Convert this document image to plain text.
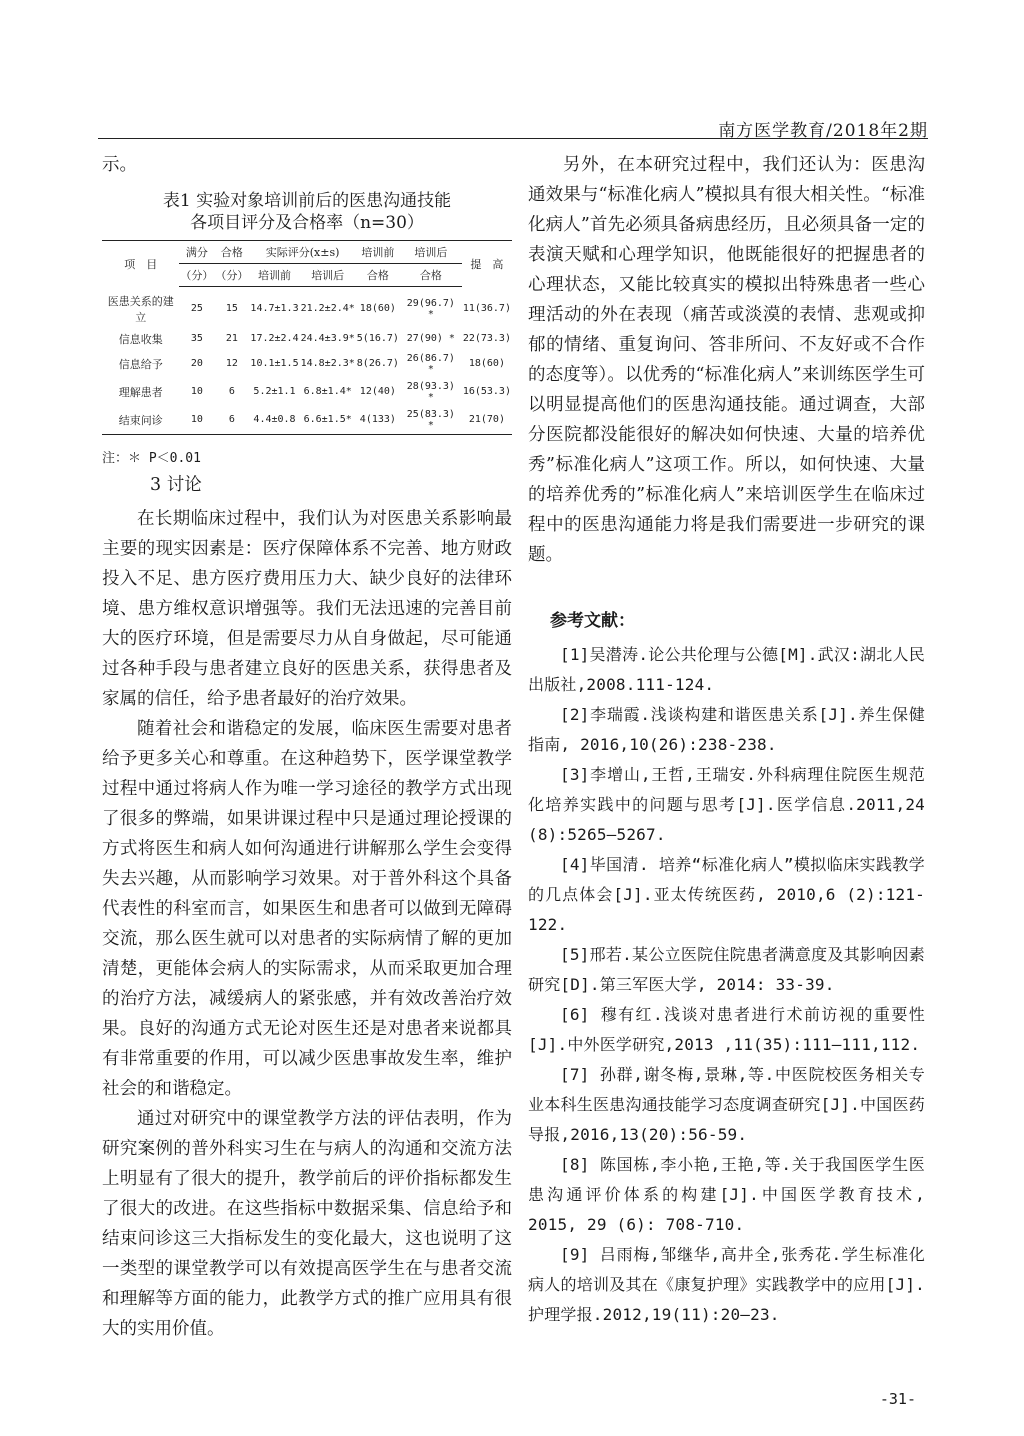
南方医学教育/2018年2期

示。

表1 实验对象培训前后的医患沟通技能
各项目评分及合格率（n=30）
项　目	满分	合格	实际评分(x±s)		培训前	培训后	提　高
	（分）	（分）	培训前	培训后	合格	合格	
医患关系的建立	25	15	14.7±1.3	21.2±2.4*	18(60)	29(96.7) *	11(36.7)
信息收集	35	21	17.2±2.4	24.4±3.9*	5(16.7)	27(90) *	22(73.3)
信息给予	20	12	10.1±1.5	14.8±2.3*	8(26.7)	26(86.7) *	18(60)
理解患者	10	6	5.2±1.1	6.8±1.4*	12(40)	28(93.3) *	16(53.3)
结束问诊	10	6	4.4±0.8	6.6±1.5*	4(133)	25(83.3) *	21(70)
注：＊ P＜0.01
3 讨论

在长期临床过程中，我们认为对医患关系影响最主要的现实因素是：医疗保障体系不完善、地方财政投入不足、患方医疗费用压力大、缺少良好的法律环境、患方维权意识增强等。我们无法迅速的完善目前大的医疗环境，但是需要尽力从自身做起，尽可能通过各种手段与患者建立良好的医患关系，获得患者及家属的信任，给予患者最好的治疗效果。

随着社会和谐稳定的发展，临床医生需要对患者给予更多关心和尊重。在这种趋势下，医学课堂教学过程中通过将病人作为唯一学习途径的教学方式出现了很多的弊端，如果讲课过程中只是通过理论授课的方式将医生和病人如何沟通进行讲解那么学生会变得失去兴趣，从而影响学习效果。对于普外科这个具备代表性的科室而言，如果医生和患者可以做到无障碍交流，那么医生就可以对患者的实际病情了解的更加清楚，更能体会病人的实际需求，从而采取更加合理的治疗方法，减缓病人的紧张感，并有效改善治疗效果。良好的沟通方式无论对医生还是对患者来说都具有非常重要的作用，可以减少医患事故发生率，维护社会的和谐稳定。

通过对研究中的课堂教学方法的评估表明，作为研究案例的普外科实习生在与病人的沟通和交流方法上明显有了很大的提升，教学前后的评价指标都发生了很大的改进。在这些指标中数据采集、信息给予和结束问诊这三大指标发生的变化最大，这也说明了这一类型的课堂教学可以有效提高医学生在与患者交流和理解等方面的能力，此教学方式的推广应用具有很大的实用价值。

另外，在本研究过程中，我们还认为：医患沟通效果与“标准化病人”模拟具有很大相关性。“标准化病人”首先必须具备病患经历，且必须具备一定的表演天赋和心理学知识，他既能很好的把握患者的心理状态，又能比较真实的模拟出特殊患者一些心理活动的外在表现（痛苦或淡漠的表情、悲观或抑郁的情绪、重复询问、答非所问、不友好或不合作的态度等）。以优秀的“标准化病人”来训练医学生可以明显提高他们的医患沟通技能。通过调查，大部分医院都没能很好的解决如何快速、大量的培养优秀”标准化病人”这项工作。所以，如何快速、大量的培养优秀的”标准化病人”来培训医学生在临床过程中的医患沟通能力将是我们需要进一步研究的课题。

参考文献：

[1]吴潜涛.论公共伦理与公德[M].武汉:湖北人民出版社,2008.111-124.

[2]李瑞霞.浅谈构建和谐医患关系[J].养生保健指南, 2016,10(26):238-238.

[3]李增山,王哲,王瑞安.外科病理住院医生规范化培养实践中的问题与思考[J].医学信息.2011,24 (8):5265—5267.

[4]毕国清. 培养“标准化病人”模拟临床实践教学的几点体会[J].亚太传统医药, 2010,6 (2):121-122.

[5]邢若.某公立医院住院患者满意度及其影响因素研究[D].第三军医大学, 2014: 33-39.

[6] 穆有红.浅谈对患者进行术前访视的重要性[J].中外医学研究,2013 ,11(35):111—111,112.

[7] 孙群,谢冬梅,景琳,等.中医院校医务相关专业本科生医患沟通技能学习态度调查研究[J].中国医药导报,2016,13(20):56-59.

[8] 陈国栋,李小艳,王艳,等.关于我国医学生医患沟通评价体系的构建[J].中国医学教育技术, 2015, 29 (6): 708-710.

[9] 吕雨梅,邹继华,高井全,张秀花.学生标准化病人的培训及其在《康复护理》实践教学中的应用[J]. 护理学报.2012,19(11):20—23.

-31-
